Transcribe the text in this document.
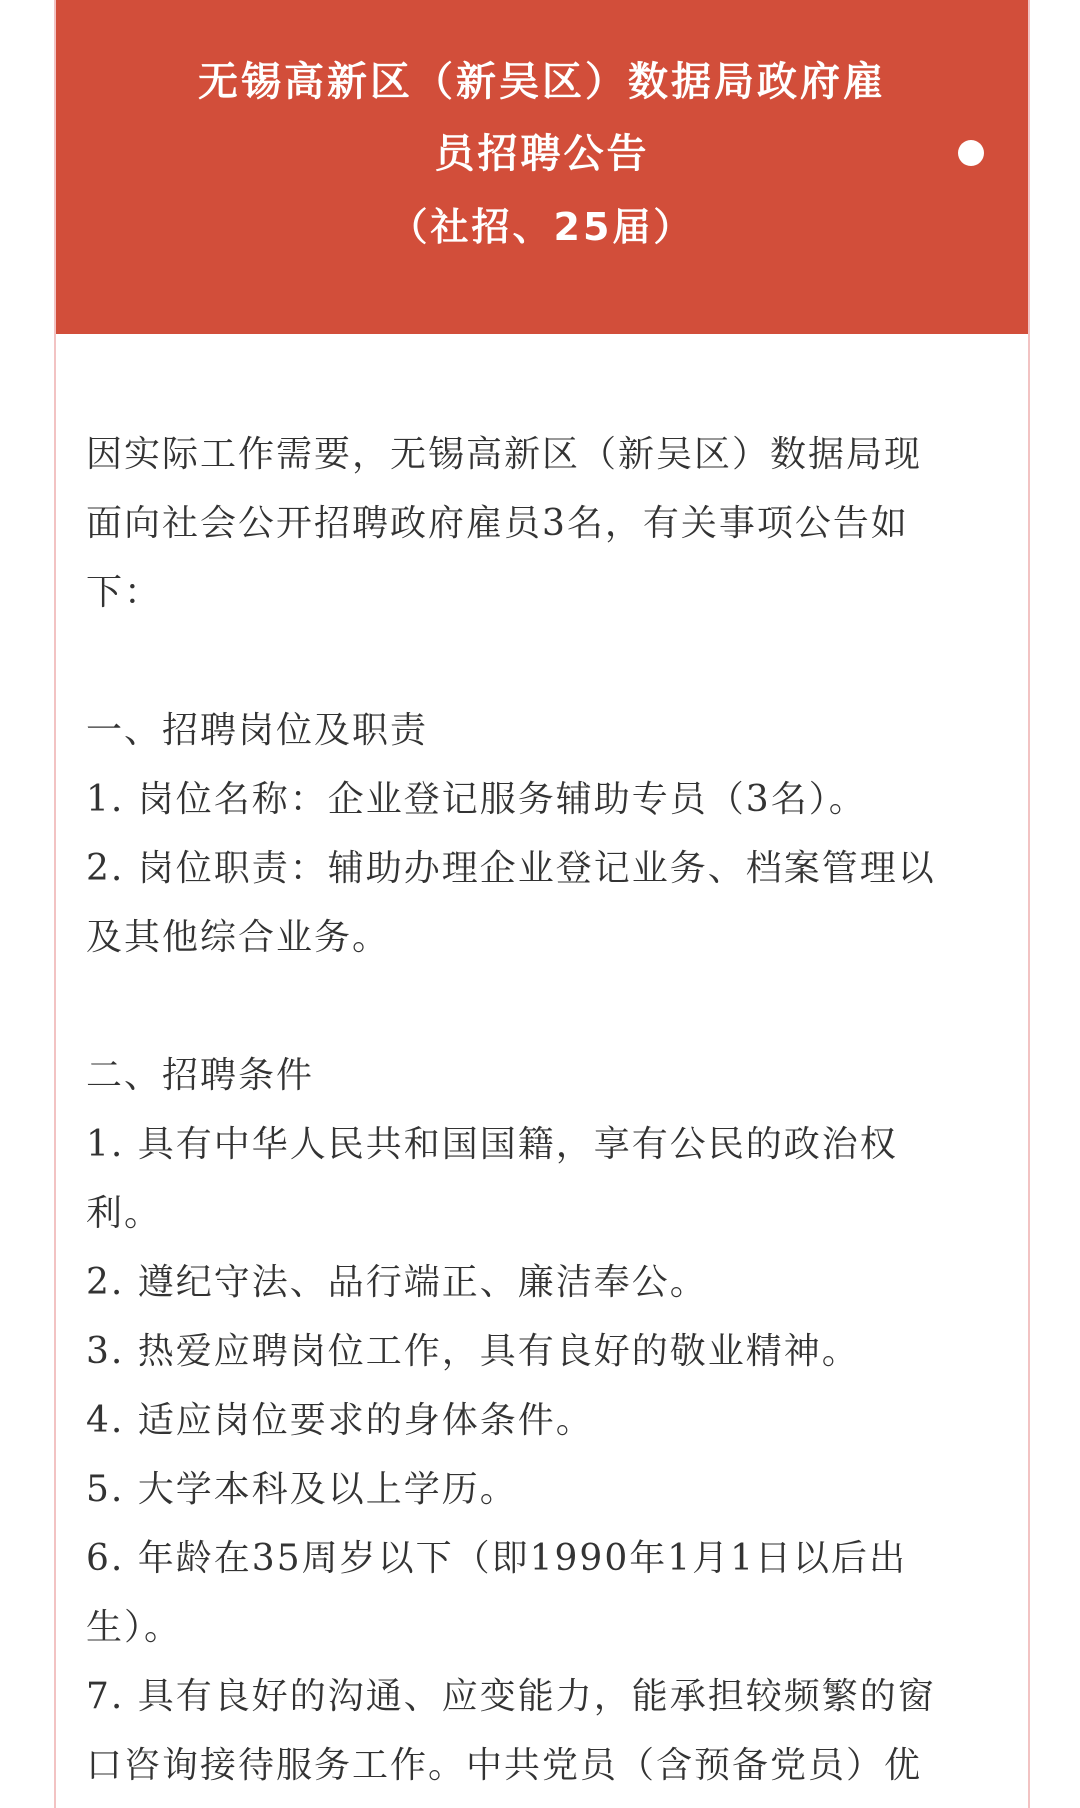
无锡高新区（新吴区）数据局政府雇
员招聘公告
（社招、25届）
因实际工作需要，无锡高新区（新吴区）数据局现
面向社会公开招聘政府雇员3名，有关事项公告如
下：
一、招聘岗位及职责
1. 岗位名称：企业登记服务辅助专员（3名）。
2. 岗位职责：辅助办理企业登记业务、档案管理以
及其他综合业务。
二、招聘条件
1. 具有中华人民共和国国籍，享有公民的政治权
利。
2. 遵纪守法、品行端正、廉洁奉公。
3. 热爱应聘岗位工作，具有良好的敬业精神。
4. 适应岗位要求的身体条件。
5. 大学本科及以上学历。
6. 年龄在35周岁以下（即1990年1月1日以后出
生）。
7. 具有良好的沟通、应变能力，能承担较频繁的窗
口咨询接待服务工作。中共党员（含预备党员）优
